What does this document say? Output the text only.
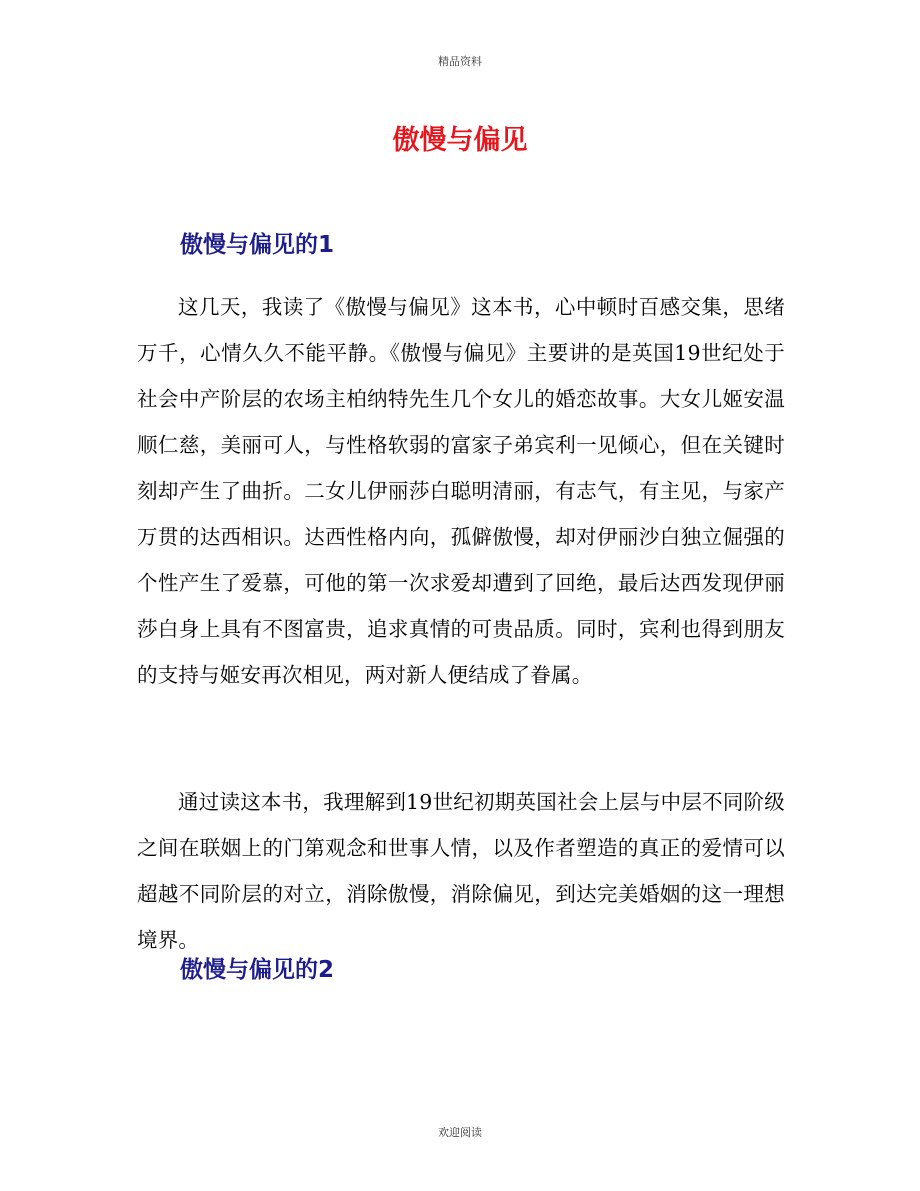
精品资料
傲慢与偏见
傲慢与偏见的1

这几天，我读了《傲慢与偏见》这本书，心中顿时百感交集，思绪万千，心情久久不能平静。《傲慢与偏见》主要讲的是英国19世纪处于社会中产阶层的农场主柏纳特先生几个女儿的婚恋故事。大女儿姬安温顺仁慈，美丽可人，与性格软弱的富家子弟宾利一见倾心，但在关键时刻却产生了曲折。二女儿伊丽莎白聪明清丽，有志气，有主见，与家产万贯的达西相识。达西性格内向，孤僻傲慢，却对伊丽沙白独立倔强的个性产生了爱慕，可他的第一次求爱却遭到了回绝，最后达西发现伊丽莎白身上具有不图富贵，追求真情的可贵品质。同时，宾利也得到朋友的支持与姬安再次相见，两对新人便结成了眷属。

通过读这本书，我理解到19世纪初期英国社会上层与中层不同阶级之间在联姻上的门第观念和世事人情，以及作者塑造的真正的爱情可以超越不同阶层的对立，消除傲慢，消除偏见，到达完美婚姻的这一理想境界。

傲慢与偏见的2
欢迎阅读
